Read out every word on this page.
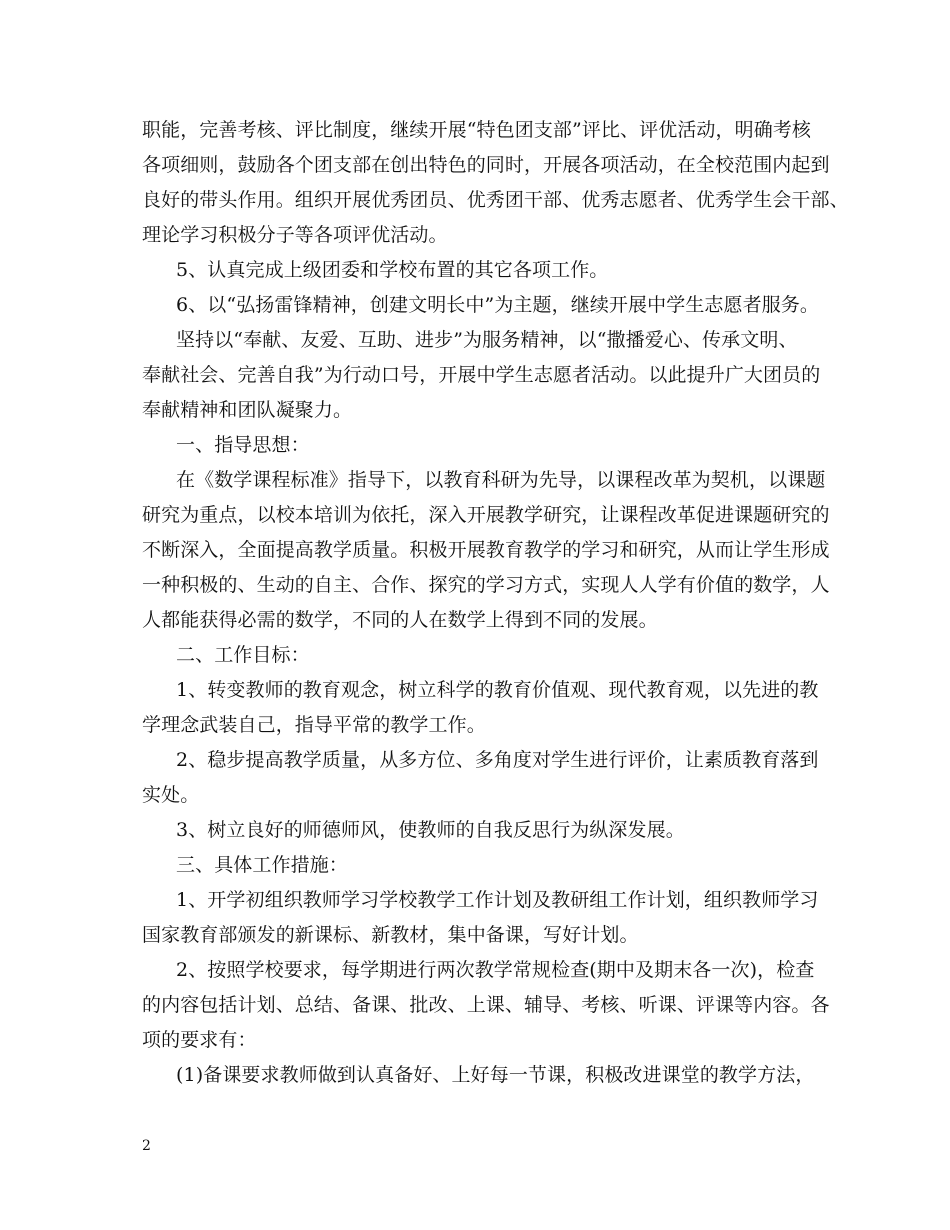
职能，完善考核、评比制度，继续开展“特色团支部”评比、评优活动，明确考核
各项细则，鼓励各个团支部在创出特色的同时，开展各项活动，在全校范围内起到
良好的带头作用。组织开展优秀团员、优秀团干部、优秀志愿者、优秀学生会干部、
理论学习积极分子等各项评优活动。
5、认真完成上级团委和学校布置的其它各项工作。
6、以“弘扬雷锋精神，创建文明长中”为主题，继续开展中学生志愿者服务。
坚持以“奉献、友爱、互助、进步”为服务精神，以“撒播爱心、传承文明、
奉献社会、完善自我”为行动口号，开展中学生志愿者活动。以此提升广大团员的
奉献精神和团队凝聚力。
一、指导思想：
在《数学课程标准》指导下，以教育科研为先导，以课程改革为契机，以课题
研究为重点，以校本培训为依托，深入开展教学研究，让课程改革促进课题研究的
不断深入，全面提高教学质量。积极开展教育教学的学习和研究，从而让学生形成
一种积极的、生动的自主、合作、探究的学习方式，实现人人学有价值的数学，人
人都能获得必需的数学，不同的人在数学上得到不同的发展。
二、工作目标：
1、转变教师的教育观念，树立科学的教育价值观、现代教育观，以先进的教
学理念武装自己，指导平常的教学工作。
2、稳步提高教学质量，从多方位、多角度对学生进行评价，让素质教育落到
实处。
3、树立良好的师德师风，使教师的自我反思行为纵深发展。
三、具体工作措施：
1、开学初组织教师学习学校教学工作计划及教研组工作计划，组织教师学习
国家教育部颁发的新课标、新教材，集中备课，写好计划。
2、按照学校要求，每学期进行两次教学常规检查(期中及期末各一次)，检查
的内容包括计划、总结、备课、批改、上课、辅导、考核、听课、评课等内容。各
项的要求有：
(1)备课要求教师做到认真备好、上好每一节课，积极改进课堂的教学方法，
2
